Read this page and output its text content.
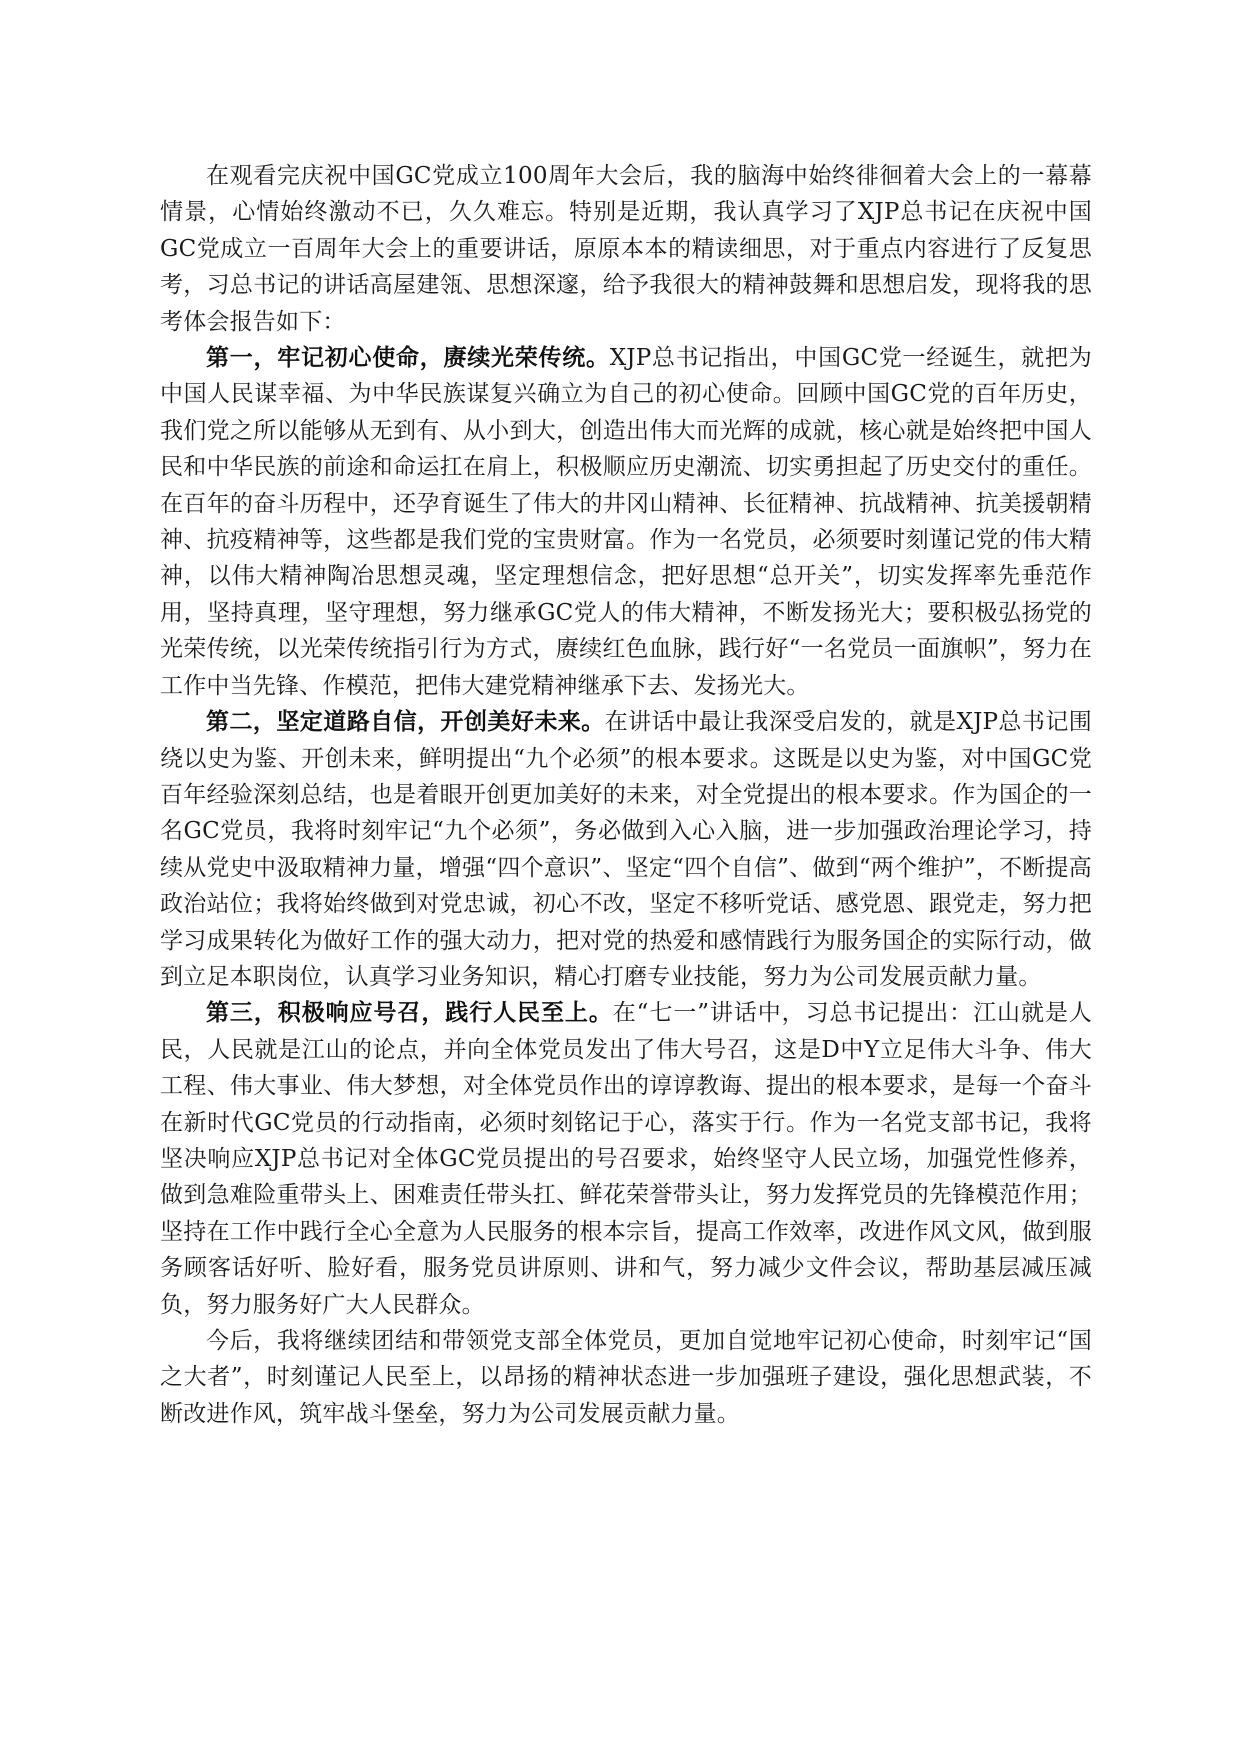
在观看完庆祝中国GC党成立100周年大会后，我的脑海中始终徘徊着大会上的一幕幕情景，心情始终激动不已，久久难忘。特别是近期，我认真学习了XJP总书记在庆祝中国GC党成立一百周年大会上的重要讲话，原原本本的精读细思，对于重点内容进行了反复思考，习总书记的讲话高屋建瓴、思想深邃，给予我很大的精神鼓舞和思想启发，现将我的思考体会报告如下：

第一，牢记初心使命，赓续光荣传统。XJP总书记指出，中国GC党一经诞生，就把为中国人民谋幸福、为中华民族谋复兴确立为自己的初心使命。回顾中国GC党的百年历史，我们党之所以能够从无到有、从小到大，创造出伟大而光辉的成就，核心就是始终把中国人民和中华民族的前途和命运扛在肩上，积极顺应历史潮流、切实勇担起了历史交付的重任。在百年的奋斗历程中，还孕育诞生了伟大的井冈山精神、长征精神、抗战精神、抗美援朝精神、抗疫精神等，这些都是我们党的宝贵财富。作为一名党员，必须要时刻谨记党的伟大精神，以伟大精神陶冶思想灵魂，坚定理想信念，把好思想“总开关”，切实发挥率先垂范作用，坚持真理，坚守理想，努力继承GC党人的伟大精神，不断发扬光大；要积极弘扬党的光荣传统，以光荣传统指引行为方式，赓续红色血脉，践行好“一名党员一面旗帜”，努力在工作中当先锋、作模范，把伟大建党精神继承下去、发扬光大。

第二，坚定道路自信，开创美好未来。在讲话中最让我深受启发的，就是XJP总书记围绕以史为鉴、开创未来，鲜明提出“九个必须”的根本要求。这既是以史为鉴，对中国GC党百年经验深刻总结，也是着眼开创更加美好的未来，对全党提出的根本要求。作为国企的一名GC党员，我将时刻牢记“九个必须”，务必做到入心入脑，进一步加强政治理论学习，持续从党史中汲取精神力量，增强“四个意识”、坚定“四个自信”、做到“两个维护”，不断提高政治站位；我将始终做到对党忠诚，初心不改，坚定不移听党话、感党恩、跟党走，努力把学习成果转化为做好工作的强大动力，把对党的热爱和感情践行为服务国企的实际行动，做到立足本职岗位，认真学习业务知识，精心打磨专业技能，努力为公司发展贡献力量。

第三，积极响应号召，践行人民至上。在“七一”讲话中，习总书记提出：江山就是人民，人民就是江山的论点，并向全体党员发出了伟大号召，这是D中Y立足伟大斗争、伟大工程、伟大事业、伟大梦想，对全体党员作出的谆谆教诲、提出的根本要求，是每一个奋斗在新时代GC党员的行动指南，必须时刻铭记于心，落实于行。作为一名党支部书记，我将坚决响应XJP总书记对全体GC党员提出的号召要求，始终坚守人民立场，加强党性修养，做到急难险重带头上、困难责任带头扛、鲜花荣誉带头让，努力发挥党员的先锋模范作用；坚持在工作中践行全心全意为人民服务的根本宗旨，提高工作效率，改进作风文风，做到服务顾客话好听、脸好看，服务党员讲原则、讲和气，努力减少文件会议，帮助基层减压减负，努力服务好广大人民群众。

今后，我将继续团结和带领党支部全体党员，更加自觉地牢记初心使命，时刻牢记“国之大者”，时刻谨记人民至上，以昂扬的精神状态进一步加强班子建设，强化思想武装，不断改进作风，筑牢战斗堡垒，努力为公司发展贡献力量。
